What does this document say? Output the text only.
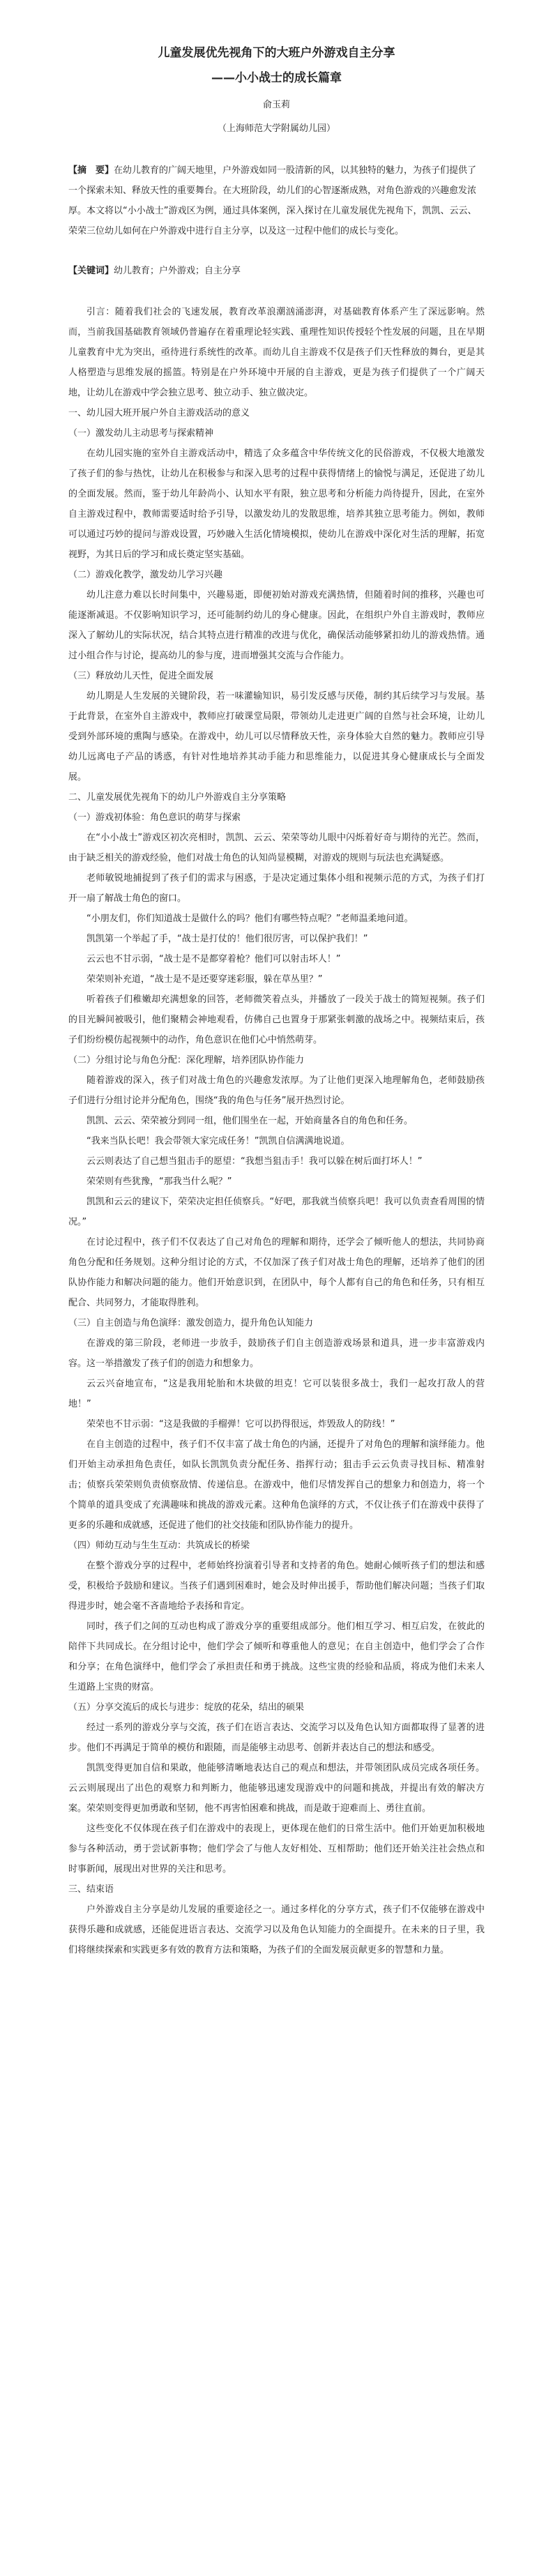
儿童发展优先视角下的大班户外游戏自主分享
——小小战士的成长篇章
俞玉莉
（上海师范大学附属幼儿园）

【摘　要】在幼儿教育的广阔天地里，户外游戏如同一股清新的风，以其独特的魅力，为孩子们提供了一个探索未知、释放天性的重要舞台。在大班阶段，幼儿们的心智逐渐成熟，对角色游戏的兴趣愈发浓厚。本文将以“小小战士”游戏区为例，通过具体案例，深入探讨在儿童发展优先视角下，凯凯、云云、荣荣三位幼儿如何在户外游戏中进行自主分享，以及这一过程中他们的成长与变化。

【关键词】幼儿教育；户外游戏；自主分享

引言：随着我们社会的飞速发展，教育改革浪潮汹涌澎湃，对基础教育体系产生了深远影响。然而，当前我国基础教育领域仍普遍存在着重理论轻实践、重理性知识传授轻个性发展的问题，且在早期儿童教育中尤为突出，亟待进行系统性的改革。而幼儿自主游戏不仅是孩子们天性释放的舞台，更是其人格塑造与思维发展的摇篮。特别是在户外环境中开展的自主游戏，更是为孩子们提供了一个广阔天地，让幼儿在游戏中学会独立思考、独立动手、独立做决定。

一、幼儿园大班开展户外自主游戏活动的意义

（一）激发幼儿主动思考与探索精神

在幼儿园实施的室外自主游戏活动中，精选了众多蕴含中华传统文化的民俗游戏，不仅极大地激发了孩子们的参与热忱，让幼儿在积极参与和深入思考的过程中获得情绪上的愉悦与满足，还促进了幼儿的全面发展。然而，鉴于幼儿年龄尚小、认知水平有限，独立思考和分析能力尚待提升，因此，在室外自主游戏过程中，教师需要适时给予引导，以激发幼儿的发散思维，培养其独立思考能力。例如，教师可以通过巧妙的提问与游戏设置，巧妙融入生活化情境模拟，使幼儿在游戏中深化对生活的理解，拓宽视野，为其日后的学习和成长奠定坚实基础。

（二）游戏化教学，激发幼儿学习兴趣

幼儿注意力难以长时间集中，兴趣易逝，即便初始对游戏充满热情，但随着时间的推移，兴趣也可能逐渐减退。不仅影响知识学习，还可能制约幼儿的身心健康。因此，在组织户外自主游戏时，教师应深入了解幼儿的实际状况，结合其特点进行精准的改进与优化，确保活动能够紧扣幼儿的游戏热情。通过小组合作与讨论，提高幼儿的参与度，进而增强其交流与合作能力。

（三）释放幼儿天性，促进全面发展

幼儿期是人生发展的关键阶段，若一味灌输知识，易引发反感与厌倦，制约其后续学习与发展。基于此背景，在室外自主游戏中，教师应打破课堂局限，带领幼儿走进更广阔的自然与社会环境，让幼儿受到外部环境的熏陶与感染。在游戏中，幼儿可以尽情释放天性，亲身体验大自然的魅力。教师应引导幼儿远离电子产品的诱惑，有针对性地培养其动手能力和思维能力，以促进其身心健康成长与全面发展。

二、儿童发展优先视角下的幼儿户外游戏自主分享策略

（一）游戏初体验：角色意识的萌芽与探索

在“小小战士”游戏区初次亮相时，凯凯、云云、荣荣等幼儿眼中闪烁着好奇与期待的光芒。然而，由于缺乏相关的游戏经验，他们对战士角色的认知尚显模糊，对游戏的规则与玩法也充满疑惑。

老师敏锐地捕捉到了孩子们的需求与困惑，于是决定通过集体小组和视频示范的方式，为孩子们打开一扇了解战士角色的窗口。

“小朋友们，你们知道战士是做什么的吗？他们有哪些特点呢？”老师温柔地问道。

凯凯第一个举起了手，“战士是打仗的！他们很厉害，可以保护我们！”

云云也不甘示弱，“战士是不是都穿着枪？他们可以射击坏人！”

荣荣则补充道，“战士是不是还要穿迷彩服，躲在草丛里？”

听着孩子们稚嫩却充满想象的回答，老师微笑着点头，并播放了一段关于战士的简短视频。孩子们的目光瞬间被吸引，他们聚精会神地观看，仿佛自己也置身于那紧张刺激的战场之中。视频结束后，孩子们纷纷模仿起视频中的动作，角色意识在他们心中悄然萌芽。

（二）分组讨论与角色分配：深化理解，培养团队协作能力

随着游戏的深入，孩子们对战士角色的兴趣愈发浓厚。为了让他们更深入地理解角色，老师鼓励孩子们进行分组讨论并分配角色，围绕“我的角色与任务”展开热烈讨论。

凯凯、云云、荣荣被分到同一组，他们围坐在一起，开始商量各自的角色和任务。

“我来当队长吧！我会带领大家完成任务！”凯凯自信满满地说道。

云云则表达了自己想当狙击手的愿望：“我想当狙击手！我可以躲在树后面打坏人！”

荣荣则有些犹豫，“那我当什么呢？”

凯凯和云云的建议下，荣荣决定担任侦察兵。“好吧，那我就当侦察兵吧！我可以负责查看周围的情况。”

在讨论过程中，孩子们不仅表达了自己对角色的理解和期待，还学会了倾听他人的想法，共同协商角色分配和任务规划。这种分组讨论的方式，不仅加深了孩子们对战士角色的理解，还培养了他们的团队协作能力和解决问题的能力。他们开始意识到，在团队中，每个人都有自己的角色和任务，只有相互配合、共同努力，才能取得胜利。

（三）自主创造与角色演绎：激发创造力，提升角色认知能力

在游戏的第三阶段，老师进一步放手，鼓励孩子们自主创造游戏场景和道具，进一步丰富游戏内容。这一举措激发了孩子们的创造力和想象力。

云云兴奋地宣布，“这是我用轮胎和木块做的坦克！它可以装很多战士，我们一起攻打敌人的营地！”

荣荣也不甘示弱：“这是我做的手榴弹！它可以扔得很远，炸毁敌人的防线！”

在自主创造的过程中，孩子们不仅丰富了战士角色的内涵，还提升了对角色的理解和演绎能力。他们开始主动承担角色责任，如队长凯凯负责分配任务、指挥行动；狙击手云云负责寻找目标、精准射击；侦察兵荣荣则负责侦察敌情、传递信息。在游戏中，他们尽情发挥自己的想象力和创造力，将一个个简单的道具变成了充满趣味和挑战的游戏元素。这种角色演绎的方式，不仅让孩子们在游戏中获得了更多的乐趣和成就感，还促进了他们的社交技能和团队协作能力的提升。

（四）师幼互动与生生互动：共筑成长的桥梁

在整个游戏分享的过程中，老师始终扮演着引导者和支持者的角色。她耐心倾听孩子们的想法和感受，积极给予鼓励和建议。当孩子们遇到困难时，她会及时伸出援手，帮助他们解决问题；当孩子们取得进步时，她会毫不吝啬地给予表扬和肯定。

同时，孩子们之间的互动也构成了游戏分享的重要组成部分。他们相互学习、相互启发，在彼此的陪伴下共同成长。在分组讨论中，他们学会了倾听和尊重他人的意见；在自主创造中，他们学会了合作和分享；在角色演绎中，他们学会了承担责任和勇于挑战。这些宝贵的经验和品质，将成为他们未来人生道路上宝贵的财富。

（五）分享交流后的成长与进步：绽放的花朵，结出的硕果

经过一系列的游戏分享与交流，孩子们在语言表达、交流学习以及角色认知方面都取得了显著的进步。他们不再满足于简单的模仿和跟随，而是能够主动思考、创新并表达自己的想法和感受。

凯凯变得更加自信和果敢，他能够清晰地表达自己的观点和想法，并带领团队成员完成各项任务。云云则展现出了出色的观察力和判断力，他能够迅速发现游戏中的问题和挑战，并提出有效的解决方案。荣荣则变得更加勇敢和坚韧，他不再害怕困难和挑战，而是敢于迎难而上、勇往直前。

这些变化不仅体现在孩子们在游戏中的表现上，更体现在他们的日常生活中。他们开始更加积极地参与各种活动，勇于尝试新事物；他们学会了与他人友好相处、互相帮助；他们还开始关注社会热点和时事新闻，展现出对世界的关注和思考。

三、结束语

户外游戏自主分享是幼儿发展的重要途径之一。通过多样化的分享方式，孩子们不仅能够在游戏中获得乐趣和成就感，还能促进语言表达、交流学习以及角色认知能力的全面提升。在未来的日子里，我们将继续探索和实践更多有效的教育方法和策略，为孩子们的全面发展贡献更多的智慧和力量。
